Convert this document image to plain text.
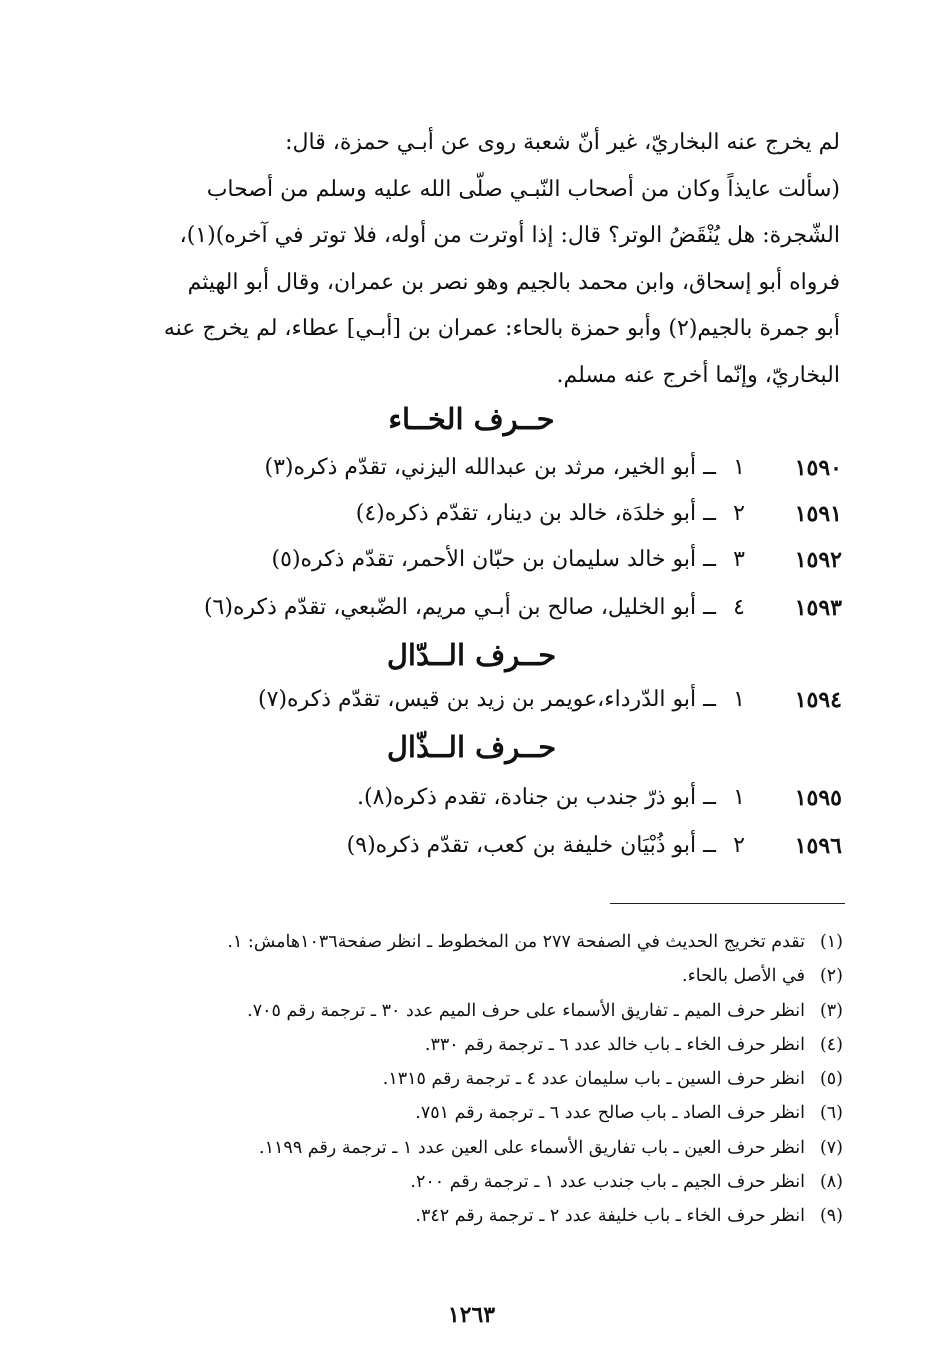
لم يخرج عنه البخاريّ، غير أنّ شعبة روى عن أبـي حمزة، قال:

(سألت عايذاً وكان من أصحاب النّبـي صلّى الله عليه وسلم من أصحاب

الشّجرة: هل يُنْقَضُ الوتر؟ قال: إذا أوترت من أوله، فلا توتر في آخره)(١)،

فرواه أبو إسحاق، وابن محمد بالجيم وهو نصر بن عمران، وقال أبو الهيثم

أبو جمرة بالجيم(٢) وأبو حمزة بالحاء: عمران بن [أبـي] عطاء، لم يخرج عنه

البخاريّ، وإنّما أخرج عنه مسلم.

حــرف الخــاء
١٥٩٠
١
ــ أبو الخير، مرثد بن عبدالله اليزني، تقدّم ذكره(٣)
١٥٩١
٢
ــ أبو خلدَة، خالد بن دينار، تقدّم ذكره(٤)
١٥٩٢
٣
ــ أبو خالد سليمان بن حبّان الأحمر، تقدّم ذكره(٥)
١٥٩٣
٤
ــ أبو الخليل، صالح بن أبـي مريم، الضّبعي، تقدّم ذكره(٦)
حــرف الــدّال
١٥٩٤
١
ــ أبو الدّرداء،عويمر بن زيد بن قيس، تقدّم ذكره(٧)
حــرف الــذّال
١٥٩٥
١
ــ أبو ذرّ جندب بن جنادة، تقدم ذكره(٨).
١٥٩٦
٢
ــ أبو ذُبْيَان خليفة بن كعب، تقدّم ذكره(٩)
(١)تقدم تخريج الحديث في الصفحة ٢٧٧ من المخطوط ـ انظر صفحة١٠٣٦هامش: ١.
(٢)في الأصل بالحاء.
(٣)انظر حرف الميم ـ تفاريق الأسماء على حرف الميم عدد ٣٠ ـ ترجمة رقم ٧٠٥.
(٤)انظر حرف الخاء ـ باب خالد عدد ٦ ـ ترجمة رقم ٣٣٠.
(٥)انظر حرف السين ـ باب سليمان عدد ٤ ـ ترجمة رقم ١٣١٥.
(٦)انظر حرف الصاد ـ باب صالح عدد ٦ ـ ترجمة رقم ٧٥١.
(٧)انظر حرف العين ـ باب تفاريق الأسماء على العين عدد ١ ـ ترجمة رقم ١١٩٩.
(٨)انظر حرف الجيم ـ باب جندب عدد ١ ـ ترجمة رقم ٢٠٠.
(٩)انظر حرف الخاء ـ باب خليفة عدد ٢ ـ ترجمة رقم ٣٤٢.
١٢٦٣
